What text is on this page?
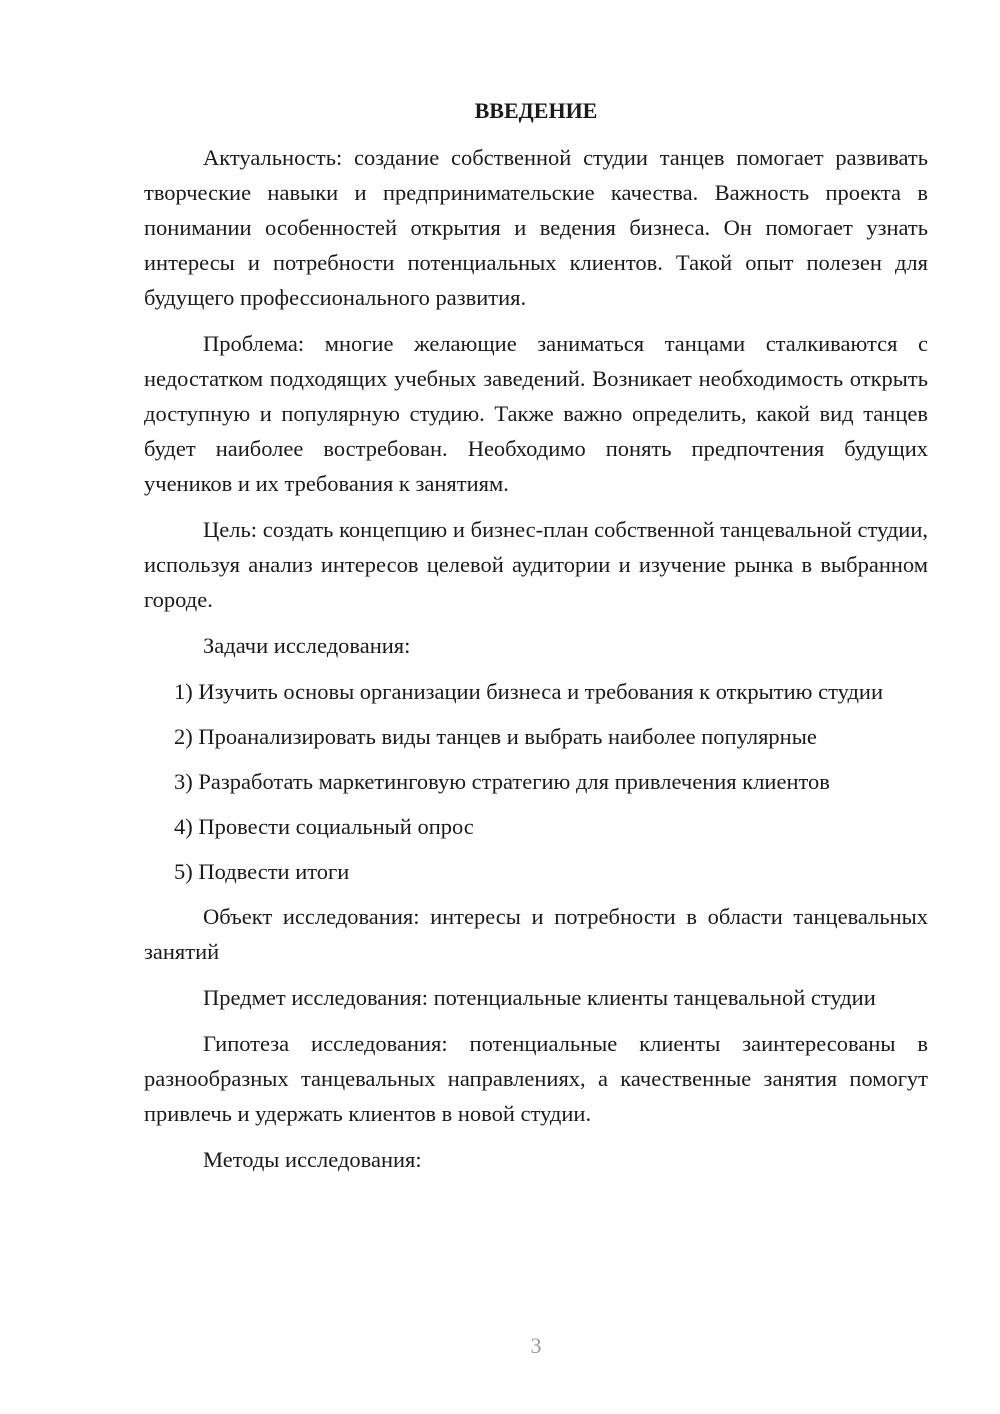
ВВЕДЕНИЕ

Актуальность: создание собственной студии танцев помогает развивать творческие навыки и предпринимательские качества. Важность проекта в понимании особенностей открытия и ведения бизнеса. Он помогает узнать интересы и потребности потенциальных клиентов. Такой опыт полезен для будущего профессионального развития.

Проблема: многие желающие заниматься танцами сталкиваются с недостатком подходящих учебных заведений. Возникает необходимость открыть доступную и популярную студию. Также важно определить, какой вид танцев будет наиболее востребован. Необходимо понять предпочтения будущих учеников и их требования к занятиям.

Цель: создать концепцию и бизнес-план собственной танцевальной студии, используя анализ интересов целевой аудитории и изучение рынка в выбранном городе.

Задачи исследования:

1) Изучить основы организации бизнеса и требования к открытию студии

2) Проанализировать виды танцев и выбрать наиболее популярные

3) Разработать маркетинговую стратегию для привлечения клиентов

4) Провести социальный опрос

5) Подвести итоги

Объект исследования: интересы и потребности в области танцевальных занятий

Предмет исследования: потенциальные клиенты танцевальной студии

Гипотеза исследования: потенциальные клиенты заинтересованы в разнообразных танцевальных направлениях, а качественные занятия помогут привлечь и удержать клиентов в новой студии.

Методы исследования:

3
